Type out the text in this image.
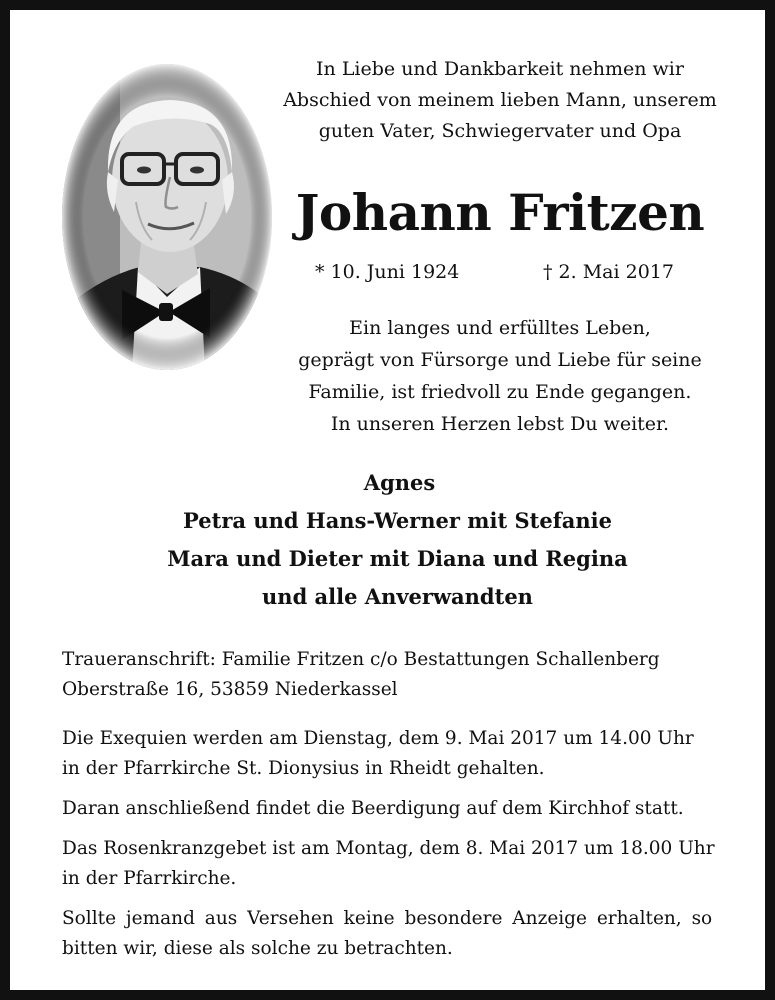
In Liebe und Dankbarkeit nehmen wir
Abschied von meinem lieben Mann, unserem
guten Vater, Schwiegervater und Opa
Johann Fritzen
* 10. Juni 1924	† 2. Mai 2017
Ein langes und erfülltes Leben,
geprägt von Fürsorge und Liebe für seine
Familie, ist friedvoll zu Ende gegangen.
In unseren Herzen lebst Du weiter.
Agnes
Petra und Hans-Werner mit Stefanie
Mara und Dieter mit Diana und Regina
und alle Anverwandten
Traueranschrift: Familie Fritzen c/o Bestattungen Schallenberg
Oberstraße 16, 53859 Niederkassel

Die Exequien werden am Dienstag, dem 9. Mai 2017 um 14.00 Uhr
in der Pfarrkirche St. Dionysius in Rheidt gehalten.

Daran anschließend findet die Beerdigung auf dem Kirchhof statt.

Das Rosenkranzgebet ist am Montag, dem 8. Mai 2017 um 18.00 Uhr
in der Pfarrkirche.

Sollte jemand aus Versehen keine besondere Anzeige erhalten, so
bitten wir, diese als solche zu betrachten.
